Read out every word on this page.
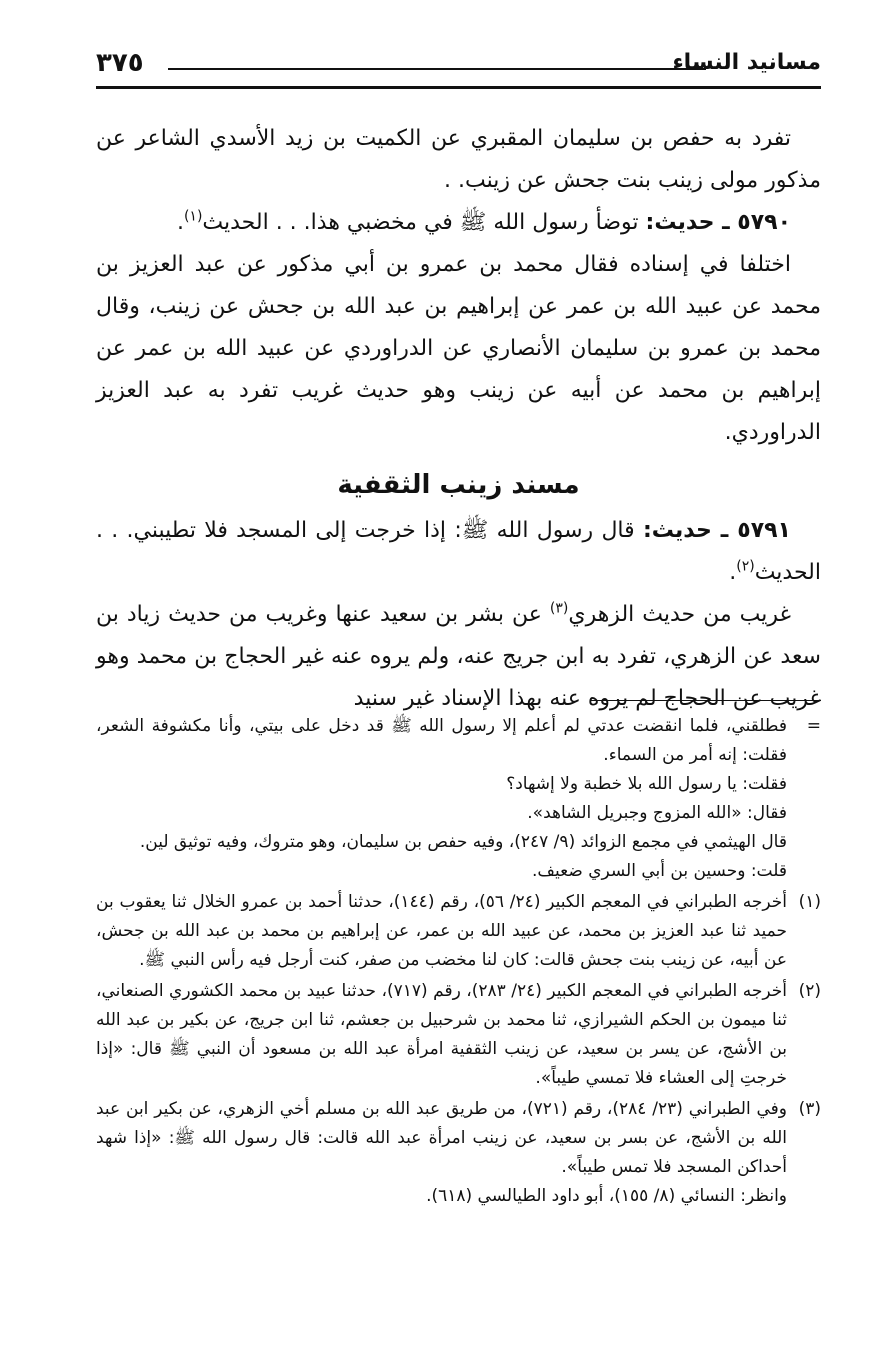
مسانيد النساء
٣٧٥

تفرد به حفص بن سليمان المقبري عن الكميت بن زيد الأسدي الشاعر عن مذكور مولى زينب بنت جحش عن زينب. .

٥٧٩٠ ـ حديث: توضأ رسول الله ﷺ في مخضبي هذا. . . الحديث$^{(١)}$.

اختلفا في إسناده فقال محمد بن عمرو بن أبي مذكور عن عبد العزيز بن محمد عن عبيد الله بن عمر عن إبراهيم بن عبد الله بن جحش عن زينب، وقال محمد بن عمرو بن سليمان الأنصاري عن الدراوردي عن عبيد الله بن عمر عن إبراهيم بن محمد عن أبيه عن زينب وهو حديث غريب تفرد به عبد العزيز الدراوردي.

مسند زينب الثقفية

٥٧٩١ ـ حديث: قال رسول الله ﷺ: إذا خرجت إلى المسجد فلا تطيبني. . . الحديث$^{(٢)}$.

غريب من حديث الزهري$^{(٣)}$ عن بشر بن سعيد عنها وغريب من حديث زياد بن سعد عن الزهري، تفرد به ابن جريج عنه، ولم يروه عنه غير الحجاج بن محمد وهو غريب عن الحجاج لم يروه عنه بهذا الإسناد غير سنيد

=

فطلقني، فلما انقضت عدتي لم أعلم إلا رسول الله ﷺ قد دخل على بيتي، وأنا مكشوفة الشعر، فقلت: إنه أمر من السماء.

فقلت: يا رسول الله بلا خطبة ولا إشهاد؟

فقال: «الله المزوج وجبريل الشاهد».

قال الهيثمي في مجمع الزوائد (٩/ ٢٤٧)، وفيه حفص بن سليمان، وهو متروك، وفيه توثيق لين.

قلت: وحسين بن أبي السري ضعيف.

(١)

أخرجه الطبراني في المعجم الكبير (٢٤/ ٥٦)، رقم (١٤٤)، حدثنا أحمد بن عمرو الخلال ثنا يعقوب بن حميد ثنا عبد العزيز بن محمد، عن عبيد الله بن عمر، عن إبراهيم بن محمد بن عبد الله بن جحش، عن أبيه، عن زينب بنت جحش قالت: كان لنا مخضب من صفر، كنت أرجل فيه رأس النبي ﷺ.

(٢)

أخرجه الطبراني في المعجم الكبير (٢٤/ ٢٨٣)، رقم (٧١٧)، حدثنا عبيد بن محمد الكشوري الصنعاني، ثنا ميمون بن الحكم الشيرازي، ثنا محمد بن شرحبيل بن جعشم، ثنا ابن جريج، عن بكير بن عبد الله بن الأشج، عن يسر بن سعيد، عن زينب الثقفية امرأة عبد الله بن مسعود أن النبي ﷺ قال: «إذا خرجتِ إلى العشاء فلا تمسي طيباً».

(٣)

وفي الطبراني (٢٣/ ٢٨٤)، رقم (٧٢١)، من طريق عبد الله بن مسلم أخي الزهري، عن بكير ابن عبد الله بن الأشج، عن بسر بن سعيد، عن زينب امرأة عبد الله قالت: قال رسول الله ﷺ: «إذا شهد أحداكن المسجد فلا تمس طيباً».

وانظر: النسائي (٨/ ١٥٥)، أبو داود الطيالسي (٦١٨).
